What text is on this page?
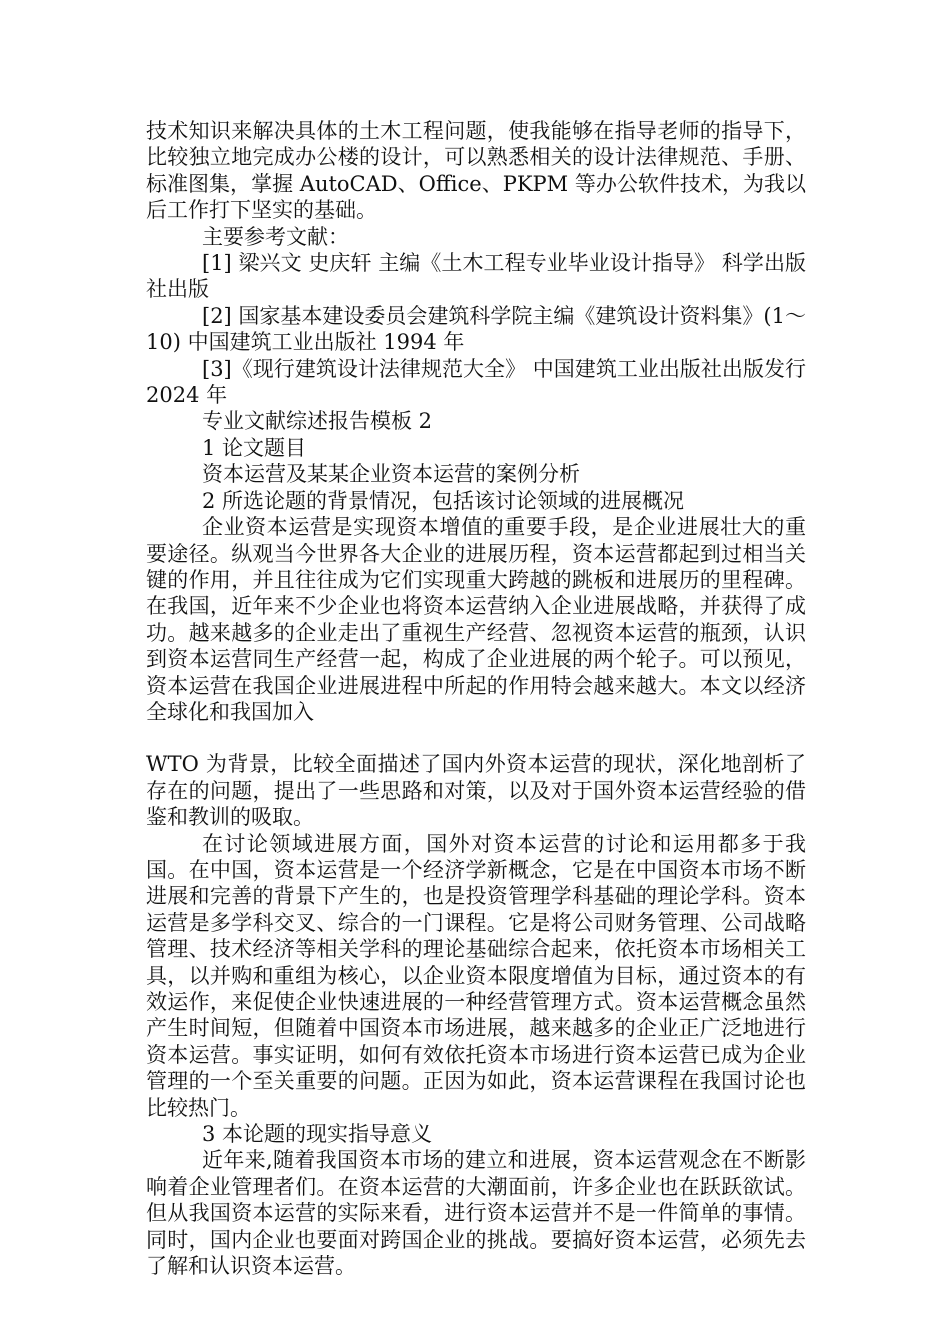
技术知识来解决具体的土木工程问题，使我能够在指导老师的指导下，比较独立地完成办公楼的设计，可以熟悉相关的设计法律规范、手册、标准图集，掌握 AutoCAD、Office、PKPM 等办公软件技术，为我以后工作打下坚实的基础。

主要参考文献：

[1] 梁兴文 史庆轩 主编《土木工程专业毕业设计指导》 科学出版社出版

[2] 国家基本建设委员会建筑科学院主编《建筑设计资料集》(1～10) 中国建筑工业出版社 1994 年

[3]《现行建筑设计法律规范大全》 中国建筑工业出版社出版发行 2024 年

专业文献综述报告模板 2

1 论文题目

资本运营及某某企业资本运营的案例分析

2 所选论题的背景情况，包括该讨论领域的进展概况

企业资本运营是实现资本增值的重要手段，是企业进展壮大的重要途径。纵观当今世界各大企业的进展历程，资本运营都起到过相当关键的作用，并且往往成为它们实现重大跨越的跳板和进展历的里程碑。在我国，近年来不少企业也将资本运营纳入企业进展战略，并获得了成功。越来越多的企业走出了重视生产经营、忽视资本运营的瓶颈，认识到资本运营同生产经营一起，构成了企业进展的两个轮子。可以预见，资本运营在我国企业进展进程中所起的作用特会越来越大。本文以经济全球化和我国加入

WTO 为背景，比较全面描述了国内外资本运营的现状，深化地剖析了存在的问题，提出了一些思路和对策，以及对于国外资本运营经验的借鉴和教训的吸取。

在讨论领域进展方面，国外对资本运营的讨论和运用都多于我国。在中国，资本运营是一个经济学新概念，它是在中国资本市场不断进展和完善的背景下产生的，也是投资管理学科基础的理论学科。资本运营是多学科交叉、综合的一门课程。它是将公司财务管理、公司战略管理、技术经济等相关学科的理论基础综合起来，依托资本市场相关工具，以并购和重组为核心，以企业资本限度增值为目标，通过资本的有效运作，来促使企业快速进展的一种经营管理方式。资本运营概念虽然产生时间短，但随着中国资本市场进展，越来越多的企业正广泛地进行资本运营。事实证明，如何有效依托资本市场进行资本运营已成为企业管理的一个至关重要的问题。正因为如此，资本运营课程在我国讨论也比较热门。

3 本论题的现实指导意义

近年来,随着我国资本市场的建立和进展，资本运营观念在不断影响着企业管理者们。在资本运营的大潮面前，许多企业也在跃跃欲试。但从我国资本运营的实际来看，进行资本运营并不是一件简单的事情。同时，国内企业也要面对跨国企业的挑战。要搞好资本运营，必须先去了解和认识资本运营。
